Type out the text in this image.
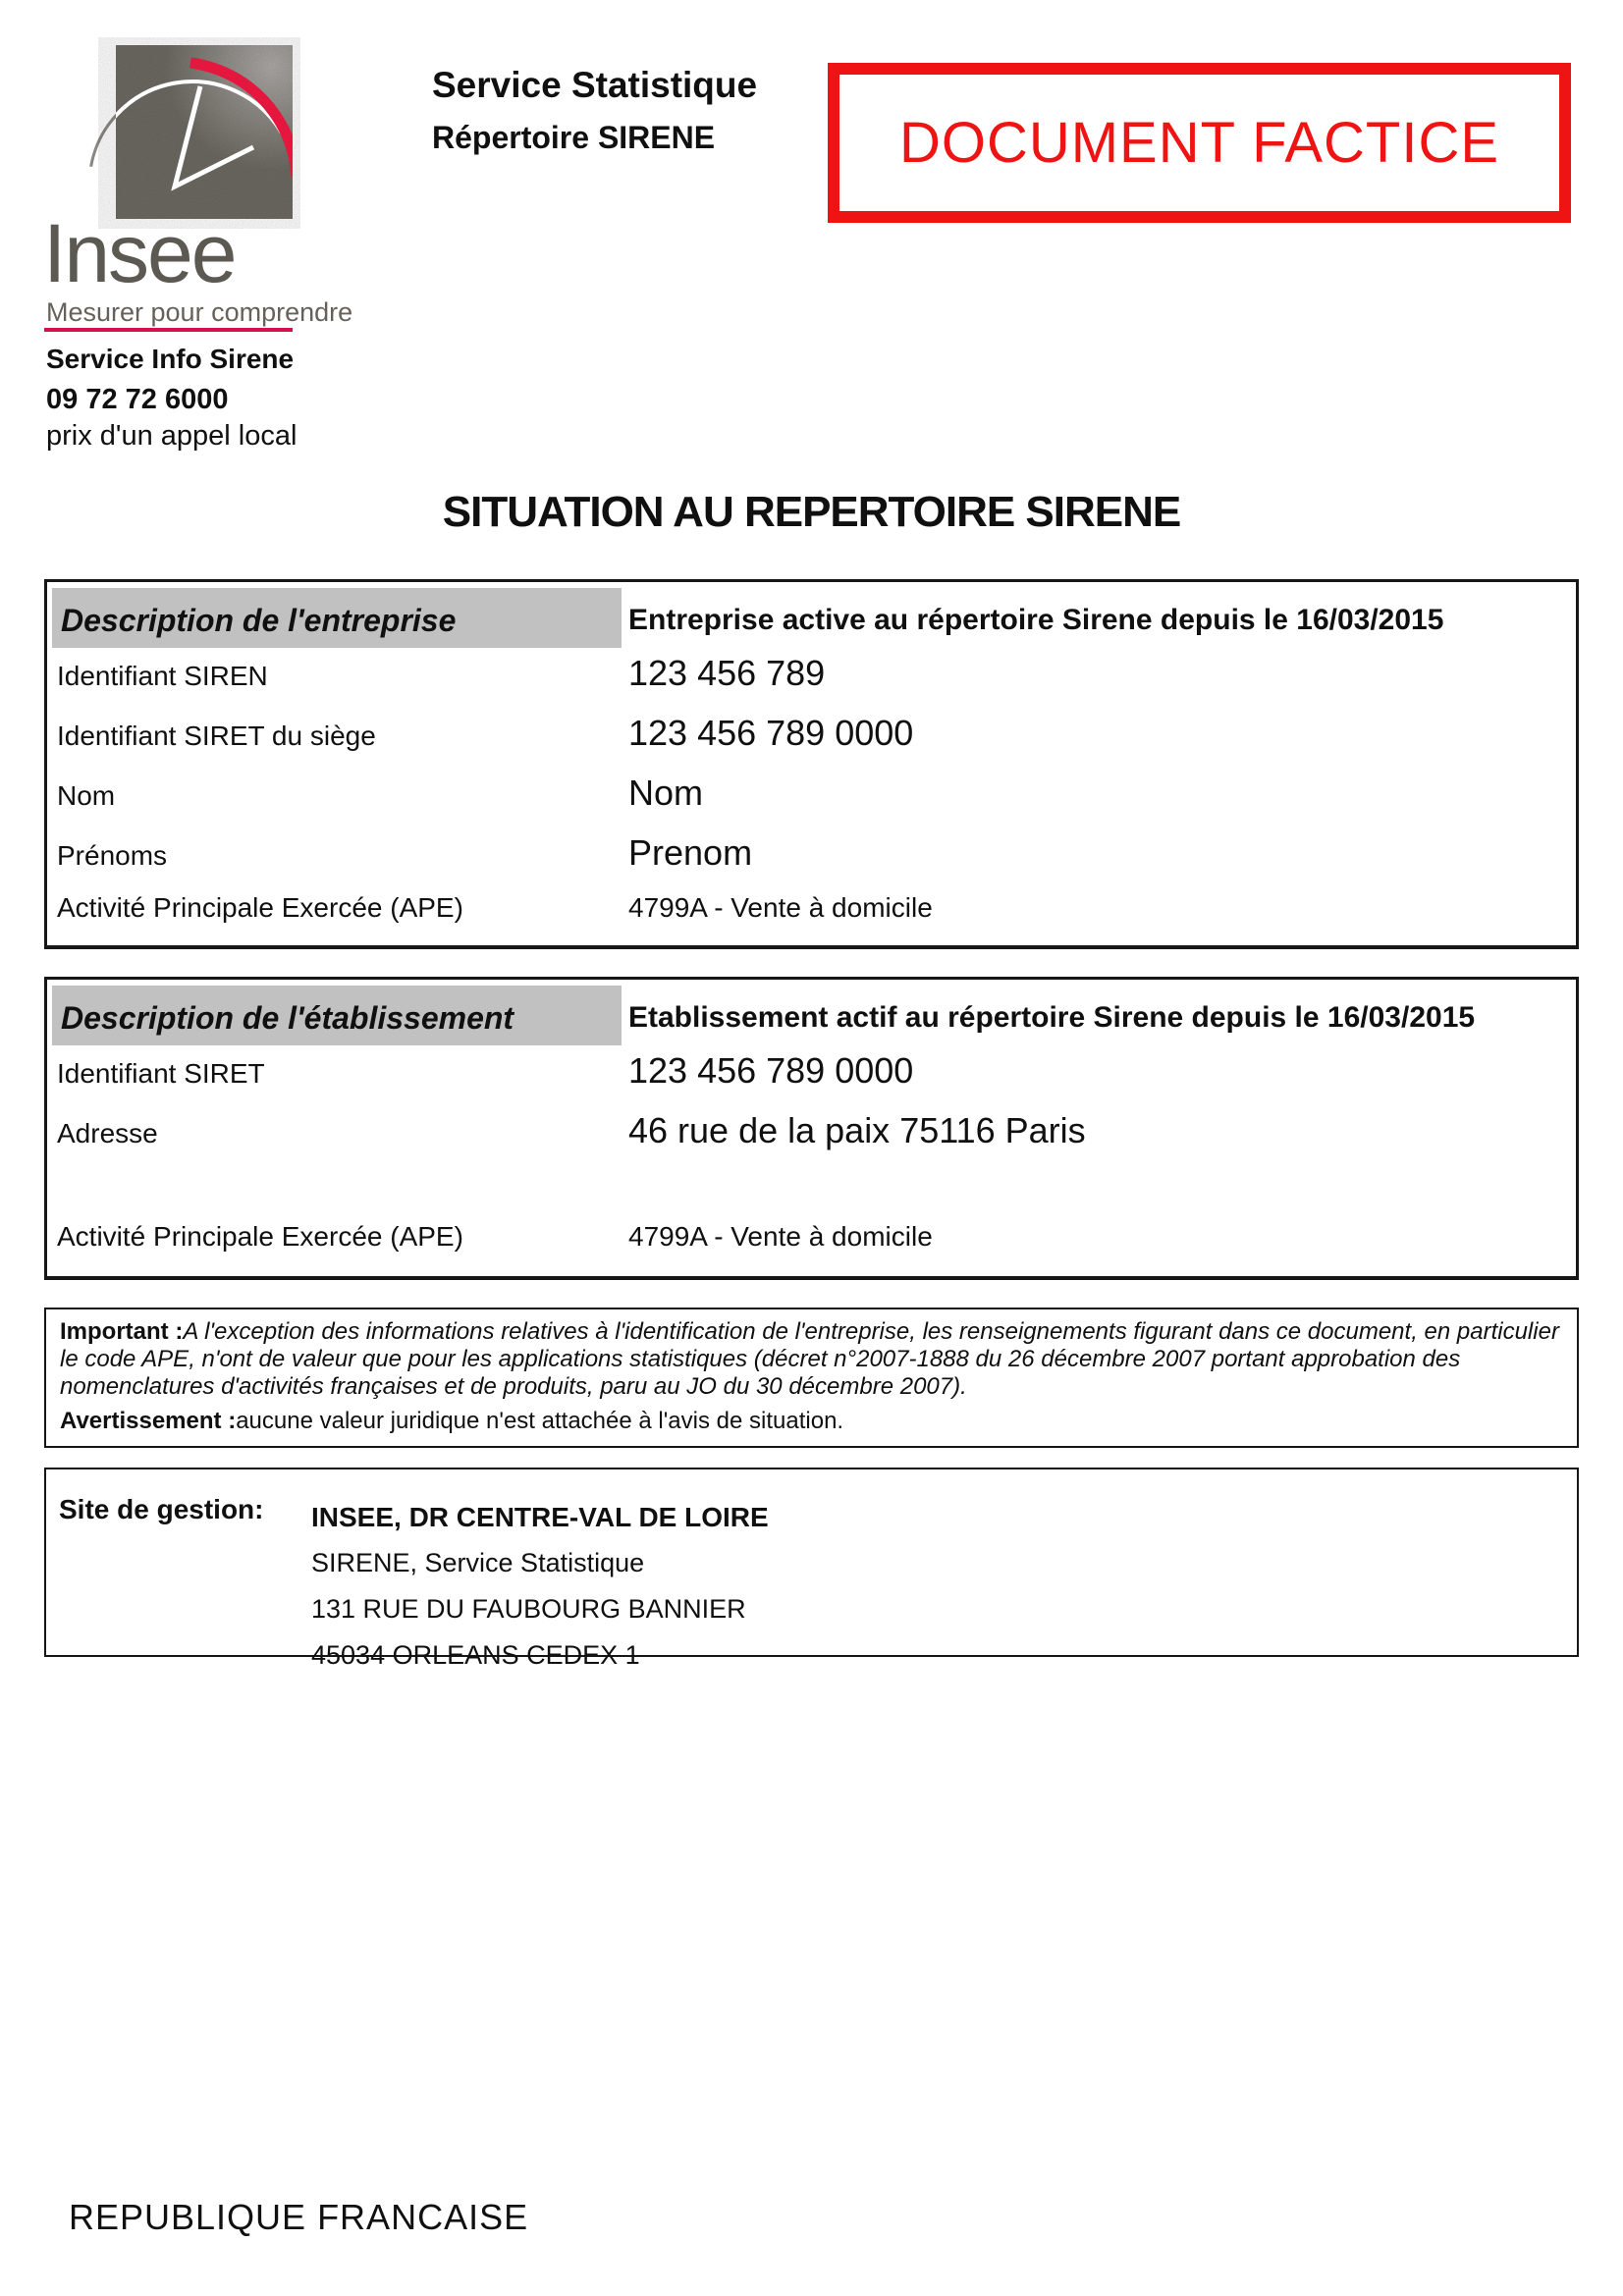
Insee
Mesurer pour comprendre
Service Info Sirene
09 72 72 6000
prix d'un appel local
Service Statistique
Répertoire SIRENE	DOCUMENT FACTICE
SITUATION AU REPERTOIRE SIRENE
Description de l'entreprise	Entreprise active au répertoire Sirene depuis le 16/03/2015
Identifiant SIREN	123 456 789
Identifiant SIRET du siège	123 456 789 0000
Nom	Nom
Prénoms	Prenom
Activité Principale Exercée (APE)	4799A - Vente à domicile
Description de l'établissement	Etablissement actif au répertoire Sirene depuis le 16/03/2015
Identifiant SIRET	123 456 789 0000
Adresse	46 rue de la paix 75116 Paris
Activité Principale Exercée (APE)	4799A - Vente à domicile
Important :A l'exception des informations relatives à l'identification de l'entreprise, les renseignements figurant dans ce document, en particulier le code APE, n'ont de valeur que pour les applications statistiques (décret n°2007-1888 du 26 décembre 2007 portant approbation des nomenclatures d'activités françaises et de produits, paru au JO du 30 décembre 2007).
Avertissement :aucune valeur juridique n'est attachée à l'avis de situation.
Site de gestion: INSEE, DR CENTRE-VAL DE LOIRE
SIRENE, Service Statistique
131 RUE DU FAUBOURG BANNIER
45034 ORLEANS CEDEX 1
REPUBLIQUE FRANCAISE
